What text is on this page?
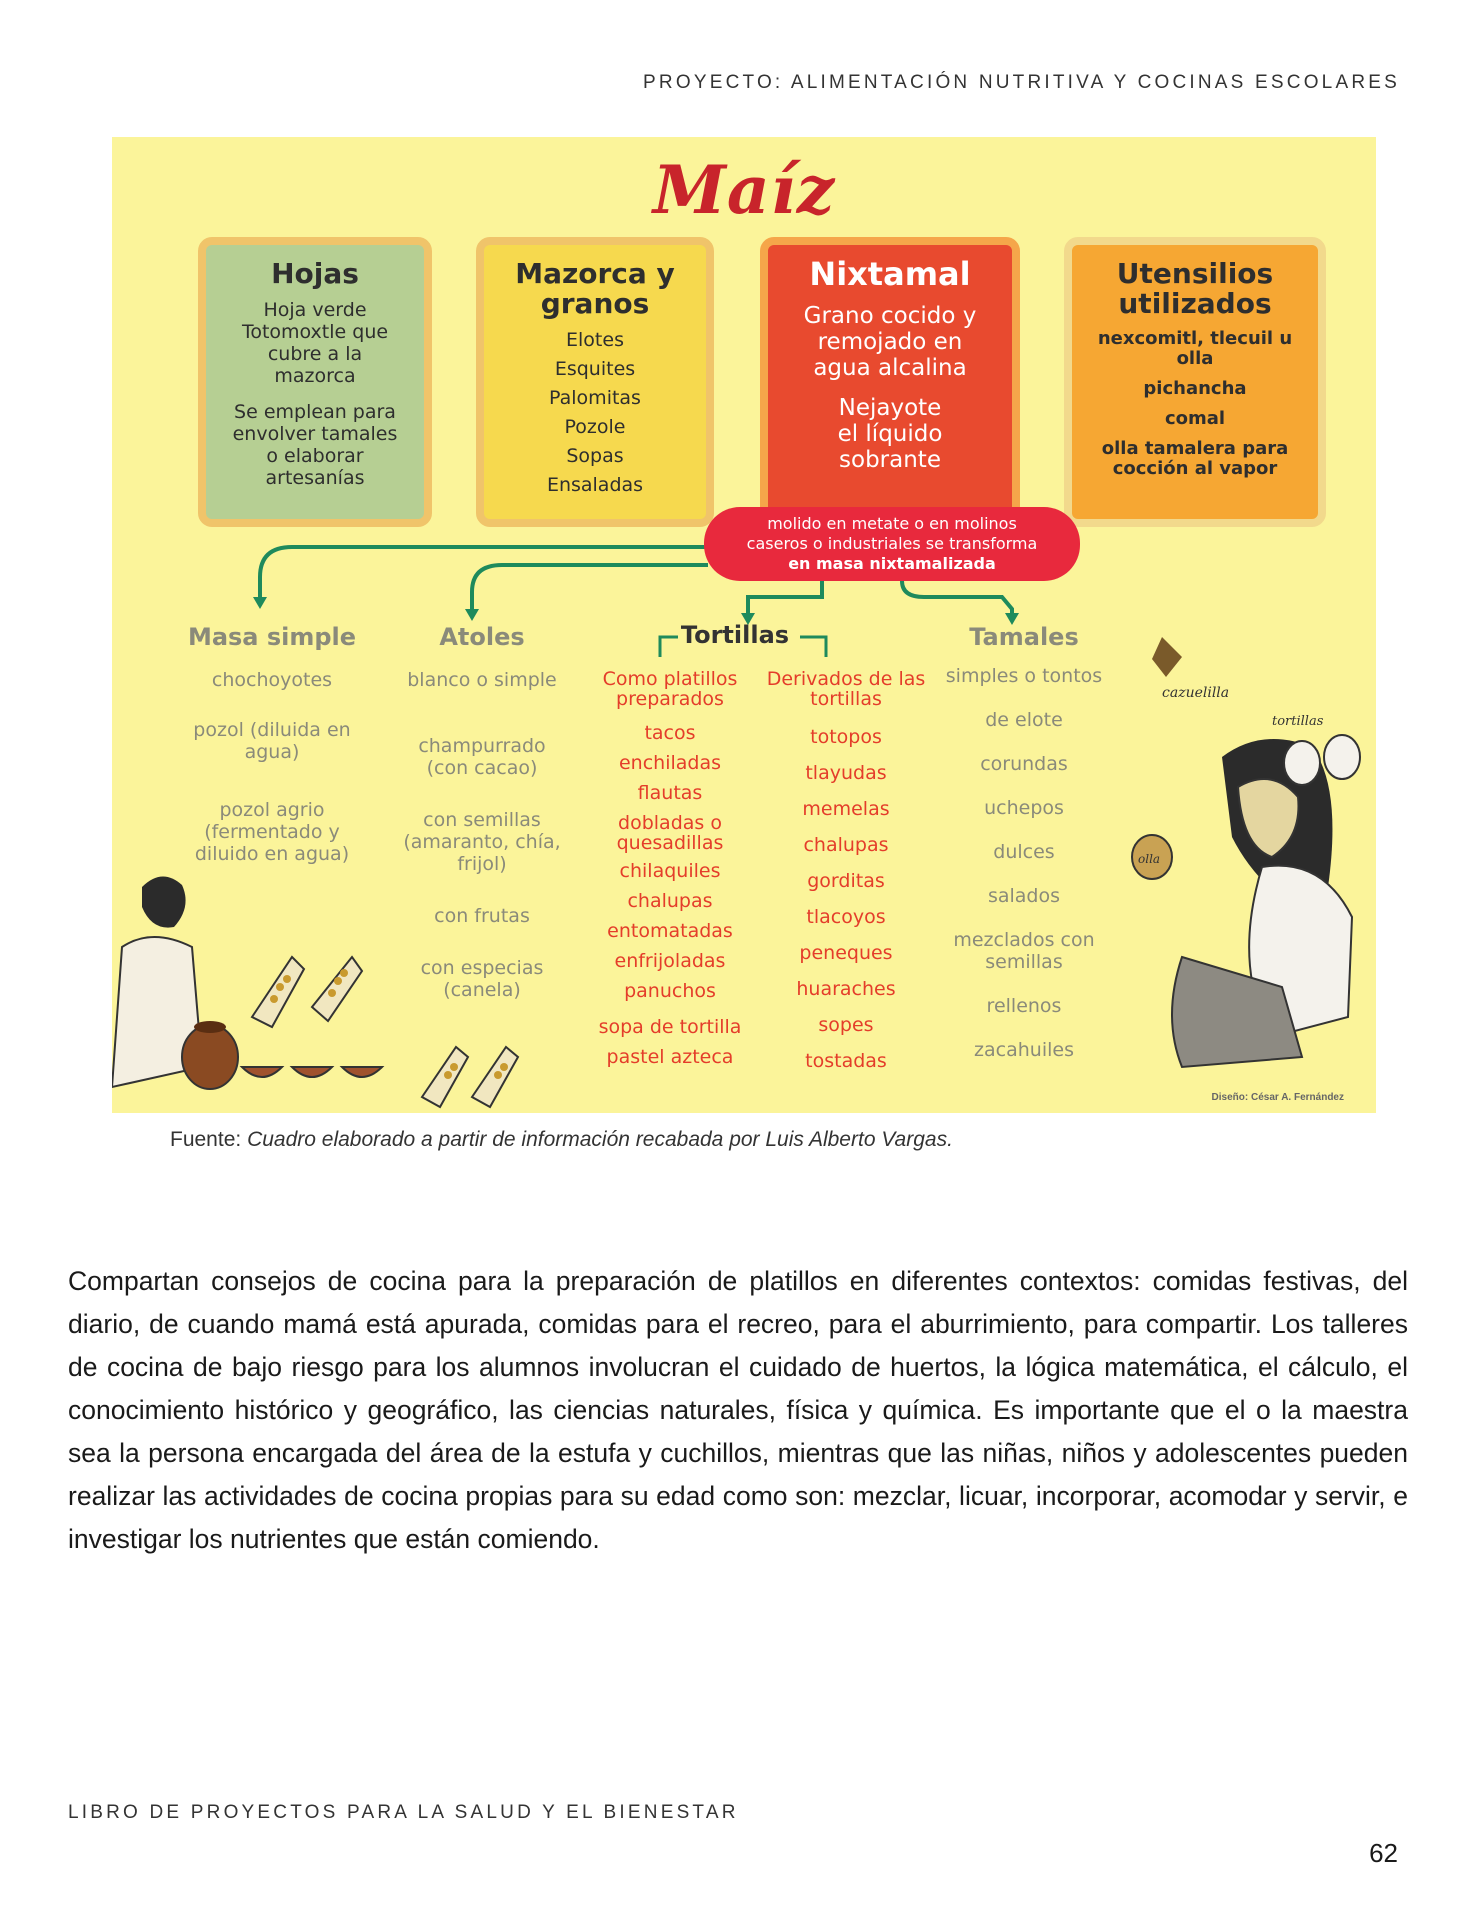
PROYECTO: ALIMENTACIÓN NUTRITIVA Y COCINAS ESCOLARES
Maíz
Hojas
Hoja verde
Totomoxtle que
cubre a la
mazorca
Se emplean para
envolver tamales
o elaborar
artesanías
Mazorca y granos
Elotes
Esquites
Palomitas
Pozole
Sopas
Ensaladas
Nixtamal
Grano cocido y
remojado en
agua alcalina
Nejayote
el líquido
sobrante
Utensilios utilizados
nexcomitl, tlecuil u olla
pichancha
comal
olla tamalera para cocción al vapor
molido en metate o en molinos
caseros o industriales se transforma
en masa nixtamalizada
Masa simple
chochoyotes
pozol (diluida en agua)
pozol agrio (fermentado y diluido en agua)
Atoles
blanco o simple
champurrado (con cacao)
con semillas (amaranto, chía, frijol)
con frutas
con especias (canela)
Tortillas
Como platillos preparados
tacos
enchiladas
flautas
dobladas o quesadillas
chilaquiles
chalupas
entomatadas
enfrijoladas
panuchos
sopa de tortilla
pastel azteca
Derivados de las tortillas
totopos
tlayudas
memelas
chalupas
gorditas
tlacoyos
peneques
huaraches
sopes
tostadas
Tamales
simples o tontos
de elote
corundas
uchepos
dulces
salados
mezclados con semillas
rellenos
zacahuiles
cazuelilla
tortillas
olla
Diseño: César A. Fernández
Fuente: Cuadro elaborado a partir de información recabada por Luis Alberto Vargas.
Compartan consejos de cocina para la preparación de platillos en diferentes contextos: comidas festivas, del diario, de cuando mamá está apurada, comidas para el recreo, para el aburrimiento, para compartir. Los talleres de cocina de bajo riesgo para los alumnos involucran el cuidado de huertos, la lógica matemática, el cálculo, el conocimiento histórico y geográfico, las ciencias naturales, física y química. Es importante que el o la maestra sea la persona encargada del área de la estufa y cuchillos, mientras que las niñas, niños y adolescentes pueden realizar las actividades de cocina propias para su edad como son: mezclar, licuar, incorporar, acomodar y servir, e investigar los nutrientes que están comiendo.
LIBRO DE PROYECTOS PARA LA SALUD Y EL BIENESTAR
62
